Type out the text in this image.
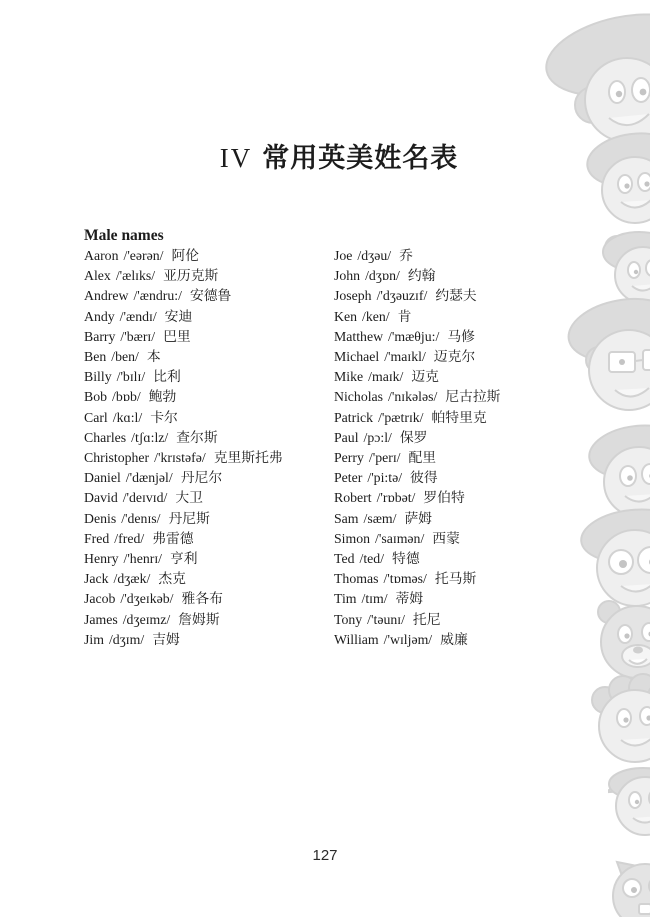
IV 常用英美姓名表
Male names
Aaron /'eərən/ 阿伦
Alex /'ælɪks/ 亚历克斯
Andrew /'ændru:/ 安德鲁
Andy /'ændɪ/ 安迪
Barry /'bærɪ/ 巴里
Ben /ben/ 本
Billy /'bɪlɪ/ 比利
Bob /bɒb/ 鲍勃
Carl /kɑ:l/ 卡尔
Charles /tʃɑ:lz/ 查尔斯
Christopher /'krɪstəfə/ 克里斯托弗
Daniel /'dænjəl/ 丹尼尔
David /'deɪvɪd/ 大卫
Denis /'denɪs/ 丹尼斯
Fred /fred/ 弗雷德
Henry /'henrɪ/ 亨利
Jack /dʒæk/ 杰克
Jacob /'dʒeɪkəb/ 雅各布
James /dʒeɪmz/ 詹姆斯
Jim /dʒɪm/ 吉姆
Joe /dʒəu/ 乔
John /dʒɒn/ 约翰
Joseph /'dʒəuzɪf/ 约瑟夫
Ken /ken/ 肯
Matthew /'mæθju:/ 马修
Michael /'maɪkl/ 迈克尔
Mike /maɪk/ 迈克
Nicholas /'nɪkələs/ 尼古拉斯
Patrick /'pætrɪk/ 帕特里克
Paul /pɔ:l/ 保罗
Perry /'perɪ/ 配里
Peter /'pi:tə/ 彼得
Robert /'rɒbət/ 罗伯特
Sam /sæm/ 萨姆
Simon /'saɪmən/ 西蒙
Ted /ted/ 特德
Thomas /'tɒməs/ 托马斯
Tim /tɪm/ 蒂姆
Tony /'təunɪ/ 托尼
William /'wɪljəm/ 威廉
127
